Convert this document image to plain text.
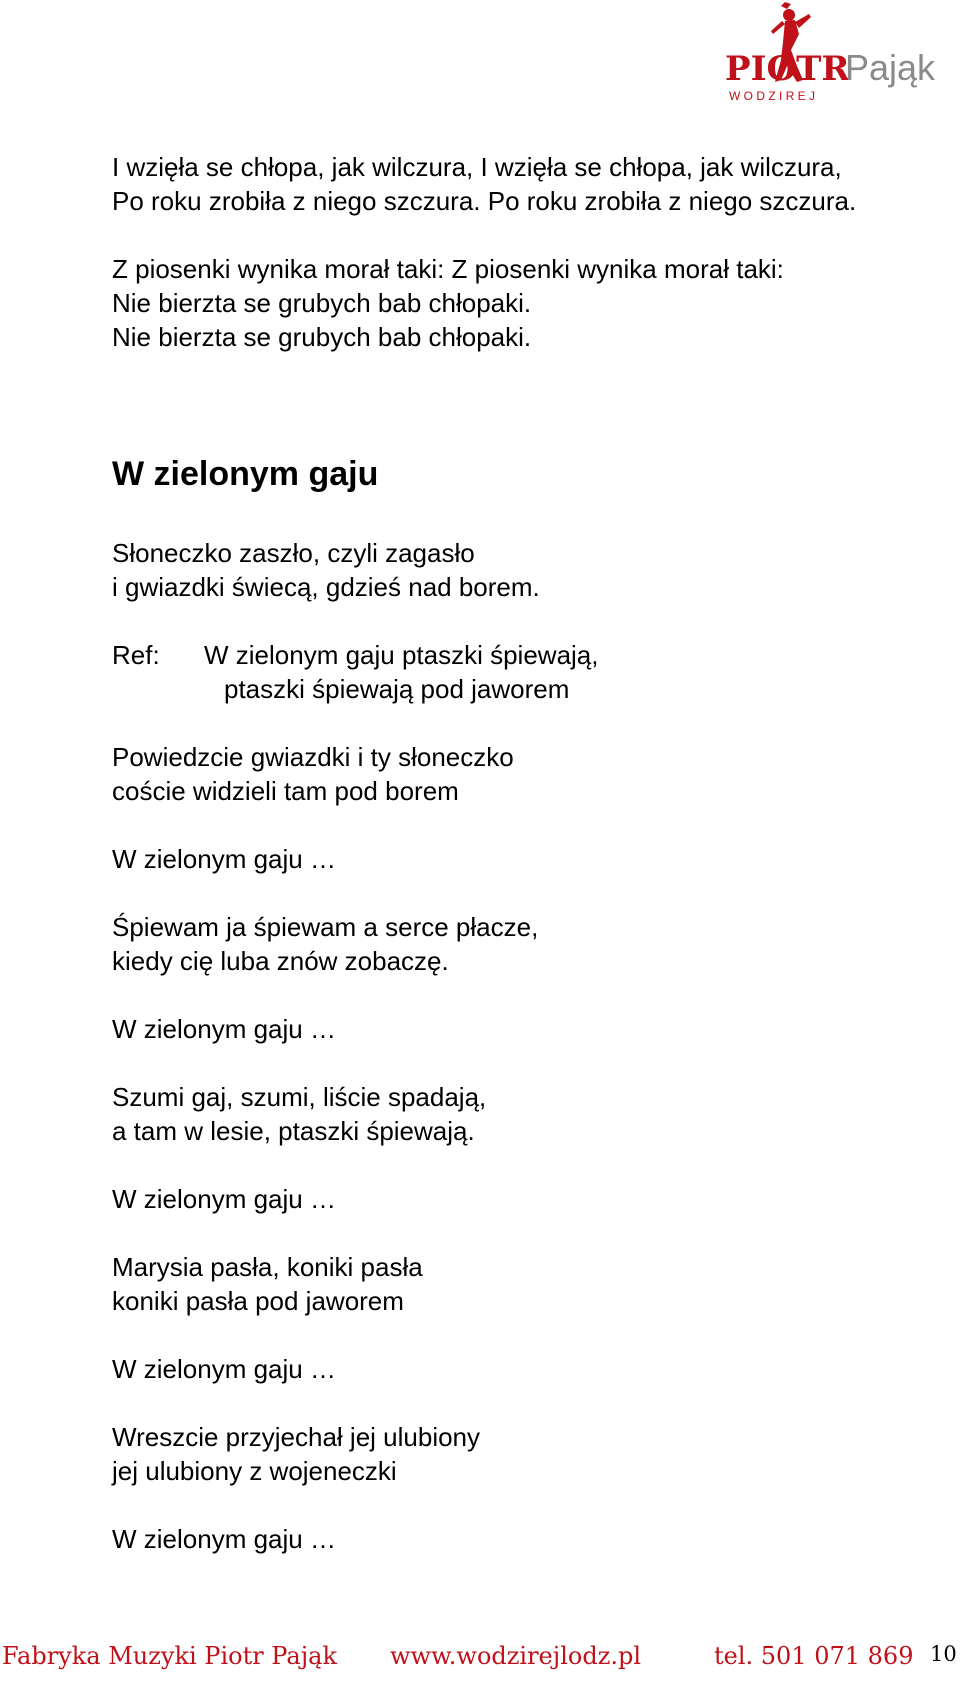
PIOTR
Pająk
W O D Z I R E J
I wzięła se chłopa, jak wilczura, I wzięła se chłopa, jak wilczura,
Po roku zrobiła z niego szczura. Po roku zrobiła z niego szczura.
Z piosenki wynika morał taki: Z piosenki wynika morał taki:
Nie bierzta se grubych bab chłopaki.
Nie bierzta se grubych bab chłopaki.
W zielonym gaju
Słoneczko zaszło, czyli zagasło
i gwiazdki świecą, gdzieś nad borem.
Ref: W zielonym gaju ptaszki śpiewają,
ptaszki śpiewają pod jaworem
Powiedzcie gwiazdki i ty słoneczko
coście widzieli tam pod borem
W zielonym gaju …
Śpiewam ja śpiewam a serce płacze,
kiedy cię luba znów zobaczę.
W zielonym gaju …
Szumi gaj, szumi, liście spadają,
a tam w lesie, ptaszki śpiewają.
W zielonym gaju …
Marysia pasła, koniki pasła
koniki pasła pod jaworem
W zielonym gaju …
Wreszcie przyjechał jej ulubiony
jej ulubiony z wojeneczki
W zielonym gaju …
Fabryka Muzyki Piotr Pająk www.wodzirejlodz.pl	tel. 501 071 869 10
